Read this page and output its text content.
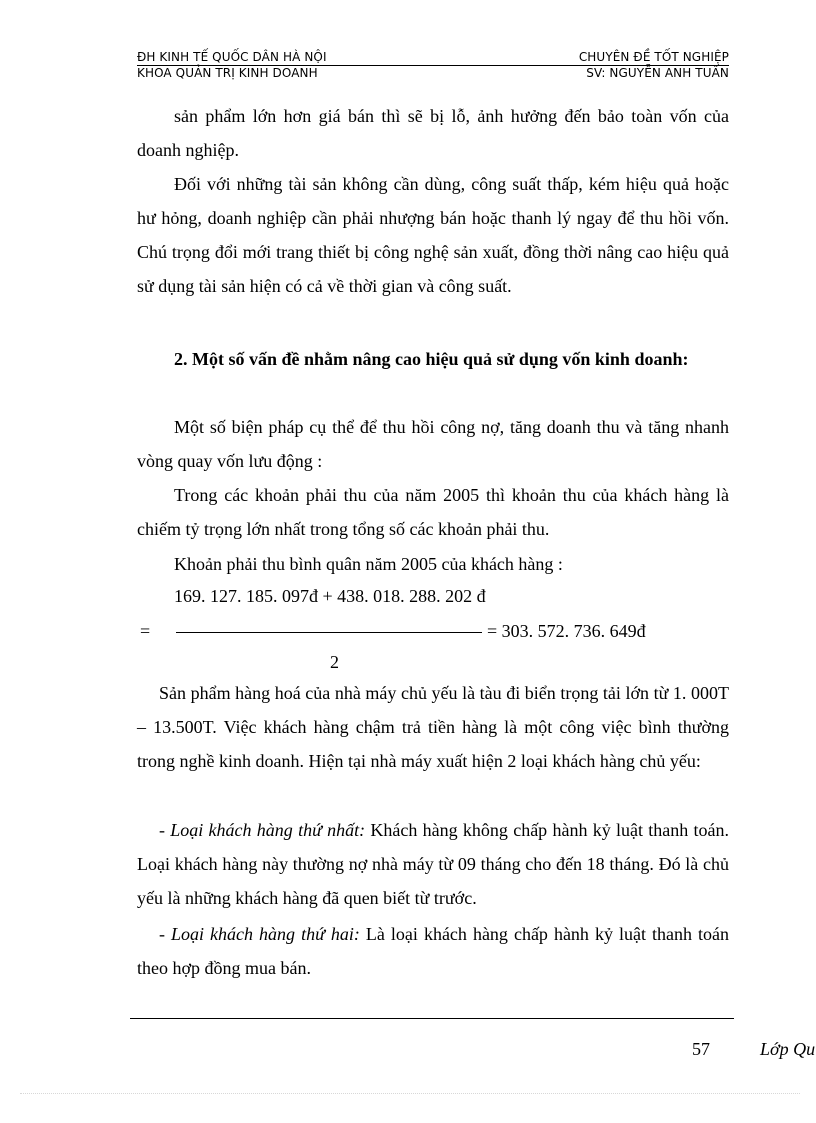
ĐH KINH TẾ QUỐC DÂN HÀ NỘI	CHUYÊN ĐỀ TỐT NGHIỆP
KHOA QUẢN TRỊ KINH DOANH	SV: NGUYỄN ANH TUẤN

sản phẩm lớn hơn giá bán thì sẽ bị lỗ, ảnh hưởng đến bảo toàn vốn của doanh nghiệp.

Đối với những tài sản không cần dùng, công suất thấp, kém hiệu quả hoặc hư hỏng, doanh nghiệp cần phải nhượng bán hoặc thanh lý ngay để thu hồi vốn. Chú trọng đổi mới trang thiết bị công nghệ sản xuất, đồng thời nâng cao hiệu quả sử dụng tài sản hiện có cả về thời gian và công suất.

2. Một số vấn đề nhằm nâng cao hiệu quả sử dụng vốn kinh doanh:

Một số biện pháp cụ thể để thu hồi công nợ, tăng doanh thu và tăng nhanh vòng quay vốn lưu động :

Trong các khoản phải thu của năm 2005 thì khoản thu của khách hàng là chiếm tỷ trọng lớn nhất trong tổng số các khoản phải thu.

Khoản phải thu bình quân năm 2005 của khách hàng :

169. 127. 185. 097đ + 438. 018. 288. 202 đ
=	= 303. 572. 736. 649đ
2

Sản phẩm hàng hoá của nhà máy chủ yếu là tàu đi biển trọng tải lớn từ 1. 000T – 13.500T. Việc khách hàng chậm trả tiền hàng là một công việc bình thường trong nghề kinh doanh. Hiện tại nhà máy xuất hiện 2 loại khách hàng chủ yếu:

- Loại khách hàng thứ nhất: Khách hàng không chấp hành kỷ luật thanh toán. Loại khách hàng này thường nợ nhà máy từ 09 tháng cho đến 18 tháng. Đó là chủ yếu là những khách hàng đã quen biết từ trước.

- Loại khách hàng thứ hai: Là loại khách hàng chấp hành kỷ luật thanh toán theo hợp đồng mua bán.

57	Lớp Qu
